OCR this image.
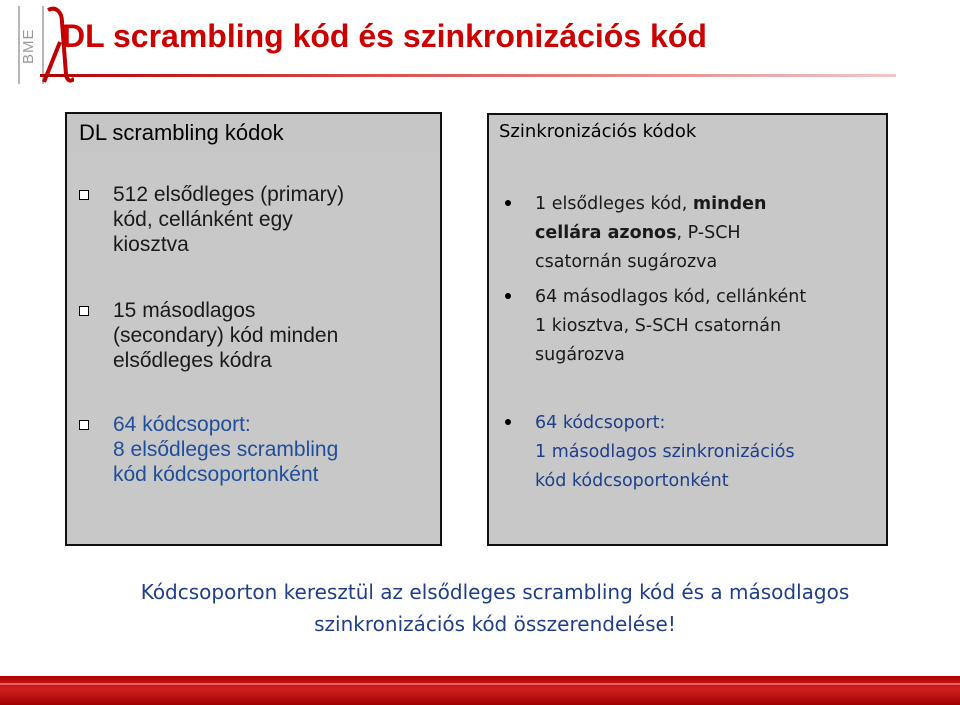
BME DL scrambling kód és szinkronizációs kód
DL scrambling kódok
512 elsődleges (primary)
kód, cellánként egy
kiosztva
15 másodlagos
(secondary) kód minden
elsődleges kódra
64 kódcsoport:
8 elsődleges scrambling
kód kódcsoportonként
Szinkronizációs kódok
1 elsődleges kód, minden
cellára azonos, P-SCH
csatornán sugározva
64 másodlagos kód, cellánként
1 kiosztva, S-SCH csatornán
sugározva
64 kódcsoport:
1 másodlagos szinkronizációs
kód kódcsoportonként
Kódcsoporton keresztül az elsődleges scrambling kód és a másodlagos
szinkronizációs kód összerendelése!
